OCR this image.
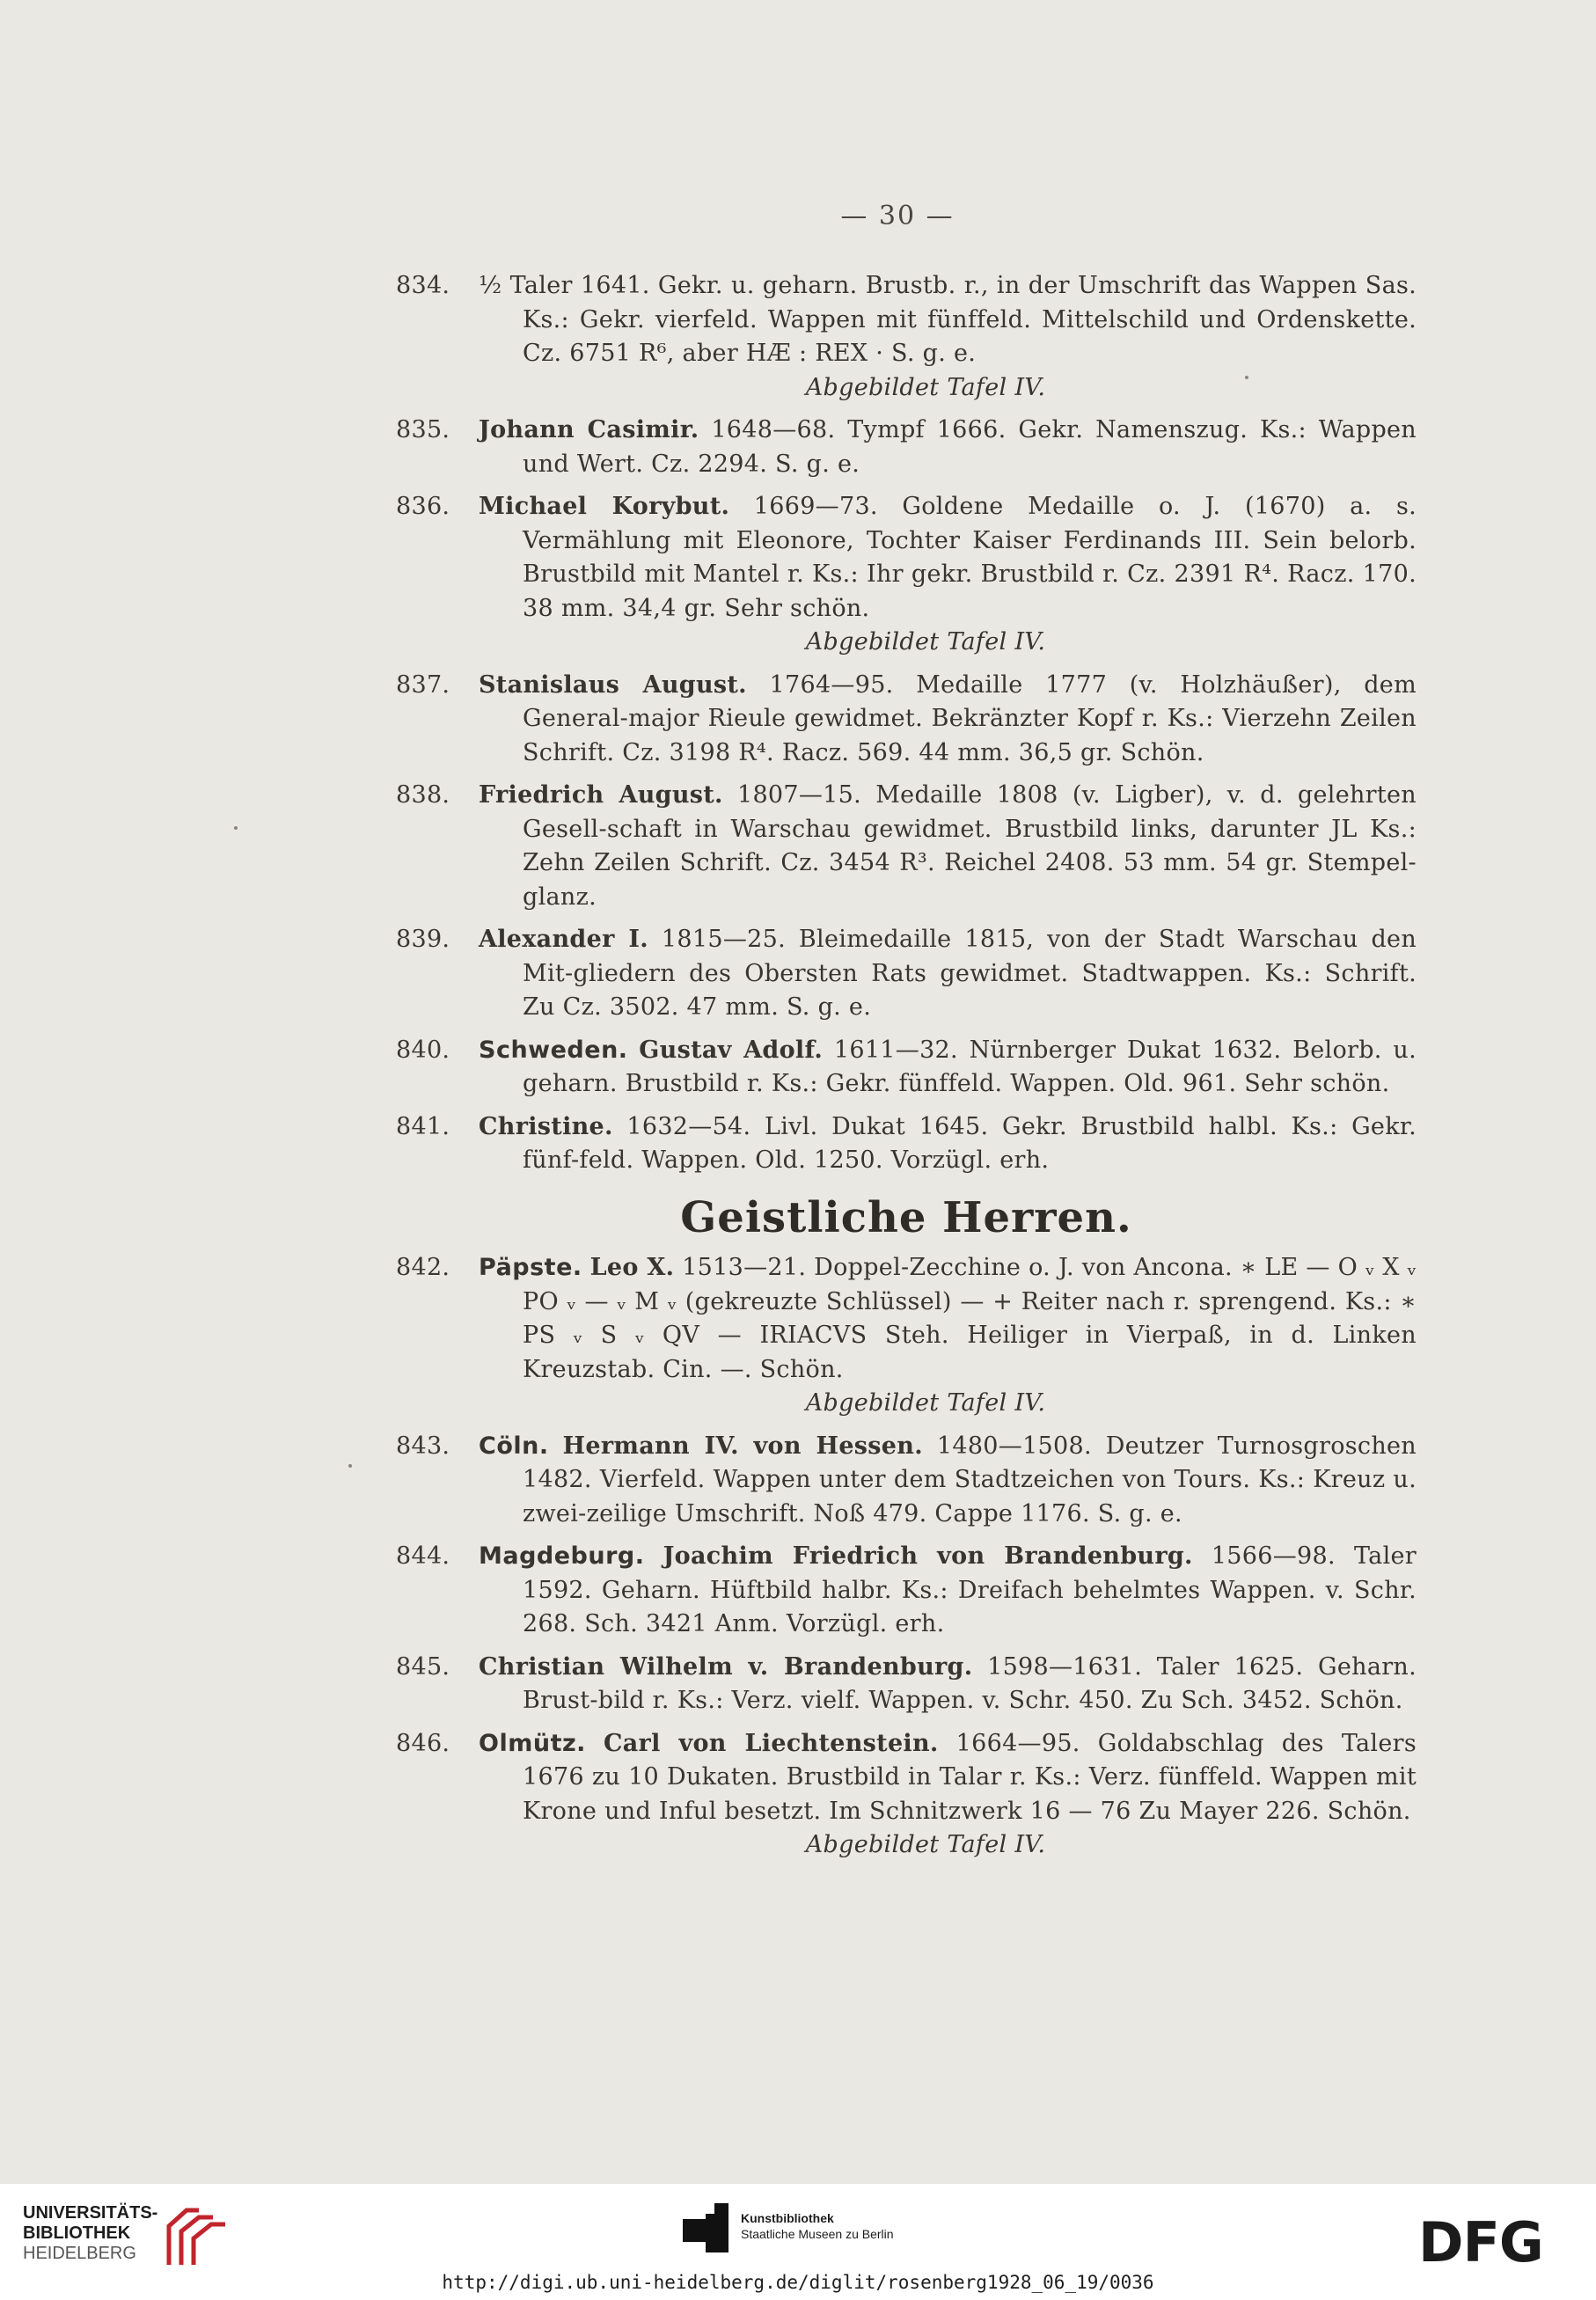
— 30 —
834. ½ Taler 1641. Gekr. u. geharn. Brustb. r., in der Umschrift das Wappen Sas. Ks.: Gekr. vierfeld. Wappen mit fünffeld. Mittelschild und Ordenskette. Cz. 6751 R⁶, aber HÆ : REX · S. g. e.
Abgebildet Tafel IV.
835. Johann Casimir. 1648—68. Tympf 1666. Gekr. Namenszug. Ks.: Wappen und Wert. Cz. 2294. S. g. e.
836. Michael Korybut. 1669—73. Goldene Medaille o. J. (1670) a. s. Vermählung mit Eleonore, Tochter Kaiser Ferdinands III. Sein belorb. Brustbild mit Mantel r. Ks.: Ihr gekr. Brustbild r. Cz. 2391 R⁴. Racz. 170. 38 mm. 34,4 gr. Sehr schön.
Abgebildet Tafel IV.
837. Stanislaus August. 1764—95. Medaille 1777 (v. Holzhäußer), dem General-major Rieule gewidmet. Bekränzter Kopf r. Ks.: Vierzehn Zeilen Schrift. Cz. 3198 R⁴. Racz. 569. 44 mm. 36,5 gr. Schön.
838. Friedrich August. 1807—15. Medaille 1808 (v. Ligber), v. d. gelehrten Gesell-schaft in Warschau gewidmet. Brustbild links, darunter JL Ks.: Zehn Zeilen Schrift. Cz. 3454 R³. Reichel 2408. 53 mm. 54 gr. Stempel-glanz.
839. Alexander I. 1815—25. Bleimedaille 1815, von der Stadt Warschau den Mit-gliedern des Obersten Rats gewidmet. Stadtwappen. Ks.: Schrift. Zu Cz. 3502. 47 mm. S. g. e.
840. Schweden. Gustav Adolf. 1611—32. Nürnberger Dukat 1632. Belorb. u. geharn. Brustbild r. Ks.: Gekr. fünffeld. Wappen. Old. 961. Sehr schön.
841. Christine. 1632—54. Livl. Dukat 1645. Gekr. Brustbild halbl. Ks.: Gekr. fünf-feld. Wappen. Old. 1250. Vorzügl. erh.
Geistliche Herren.
842. Päpste. Leo X. 1513—21. Doppel-Zecchine o. J. von Ancona. ∗ LE — O ᵥ X ᵥ PO ᵥ — ᵥ M ᵥ (gekreuzte Schlüssel) — + Reiter nach r. sprengend. Ks.: ∗ PS ᵥ S ᵥ QV — IRIACVS Steh. Heiliger in Vierpaß, in d. Linken Kreuzstab. Cin. —. Schön.
Abgebildet Tafel IV.
843. Cöln. Hermann IV. von Hessen. 1480—1508. Deutzer Turnosgroschen 1482. Vierfeld. Wappen unter dem Stadtzeichen von Tours. Ks.: Kreuz u. zwei-zeilige Umschrift. Noß 479. Cappe 1176. S. g. e.
844. Magdeburg. Joachim Friedrich von Brandenburg. 1566—98. Taler 1592. Geharn. Hüftbild halbr. Ks.: Dreifach behelmtes Wappen. v. Schr. 268. Sch. 3421 Anm. Vorzügl. erh.
845. Christian Wilhelm v. Brandenburg. 1598—1631. Taler 1625. Geharn. Brust-bild r. Ks.: Verz. vielf. Wappen. v. Schr. 450. Zu Sch. 3452. Schön.
846. Olmütz. Carl von Liechtenstein. 1664—95. Goldabschlag des Talers 1676 zu 10 Dukaten. Brustbild in Talar r. Ks.: Verz. fünffeld. Wappen mit Krone und Inful besetzt. Im Schnitzwerk 16 — 76 Zu Mayer 226. Schön.
Abgebildet Tafel IV.
UNIVERSITÄTS-
BIBLIOTHEK
HEIDELBERG
Kunstbibliothek
Staatliche Museen zu Berlin	DFG
http://digi.ub.uni-heidelberg.de/diglit/rosenberg1928_06_19/0036
